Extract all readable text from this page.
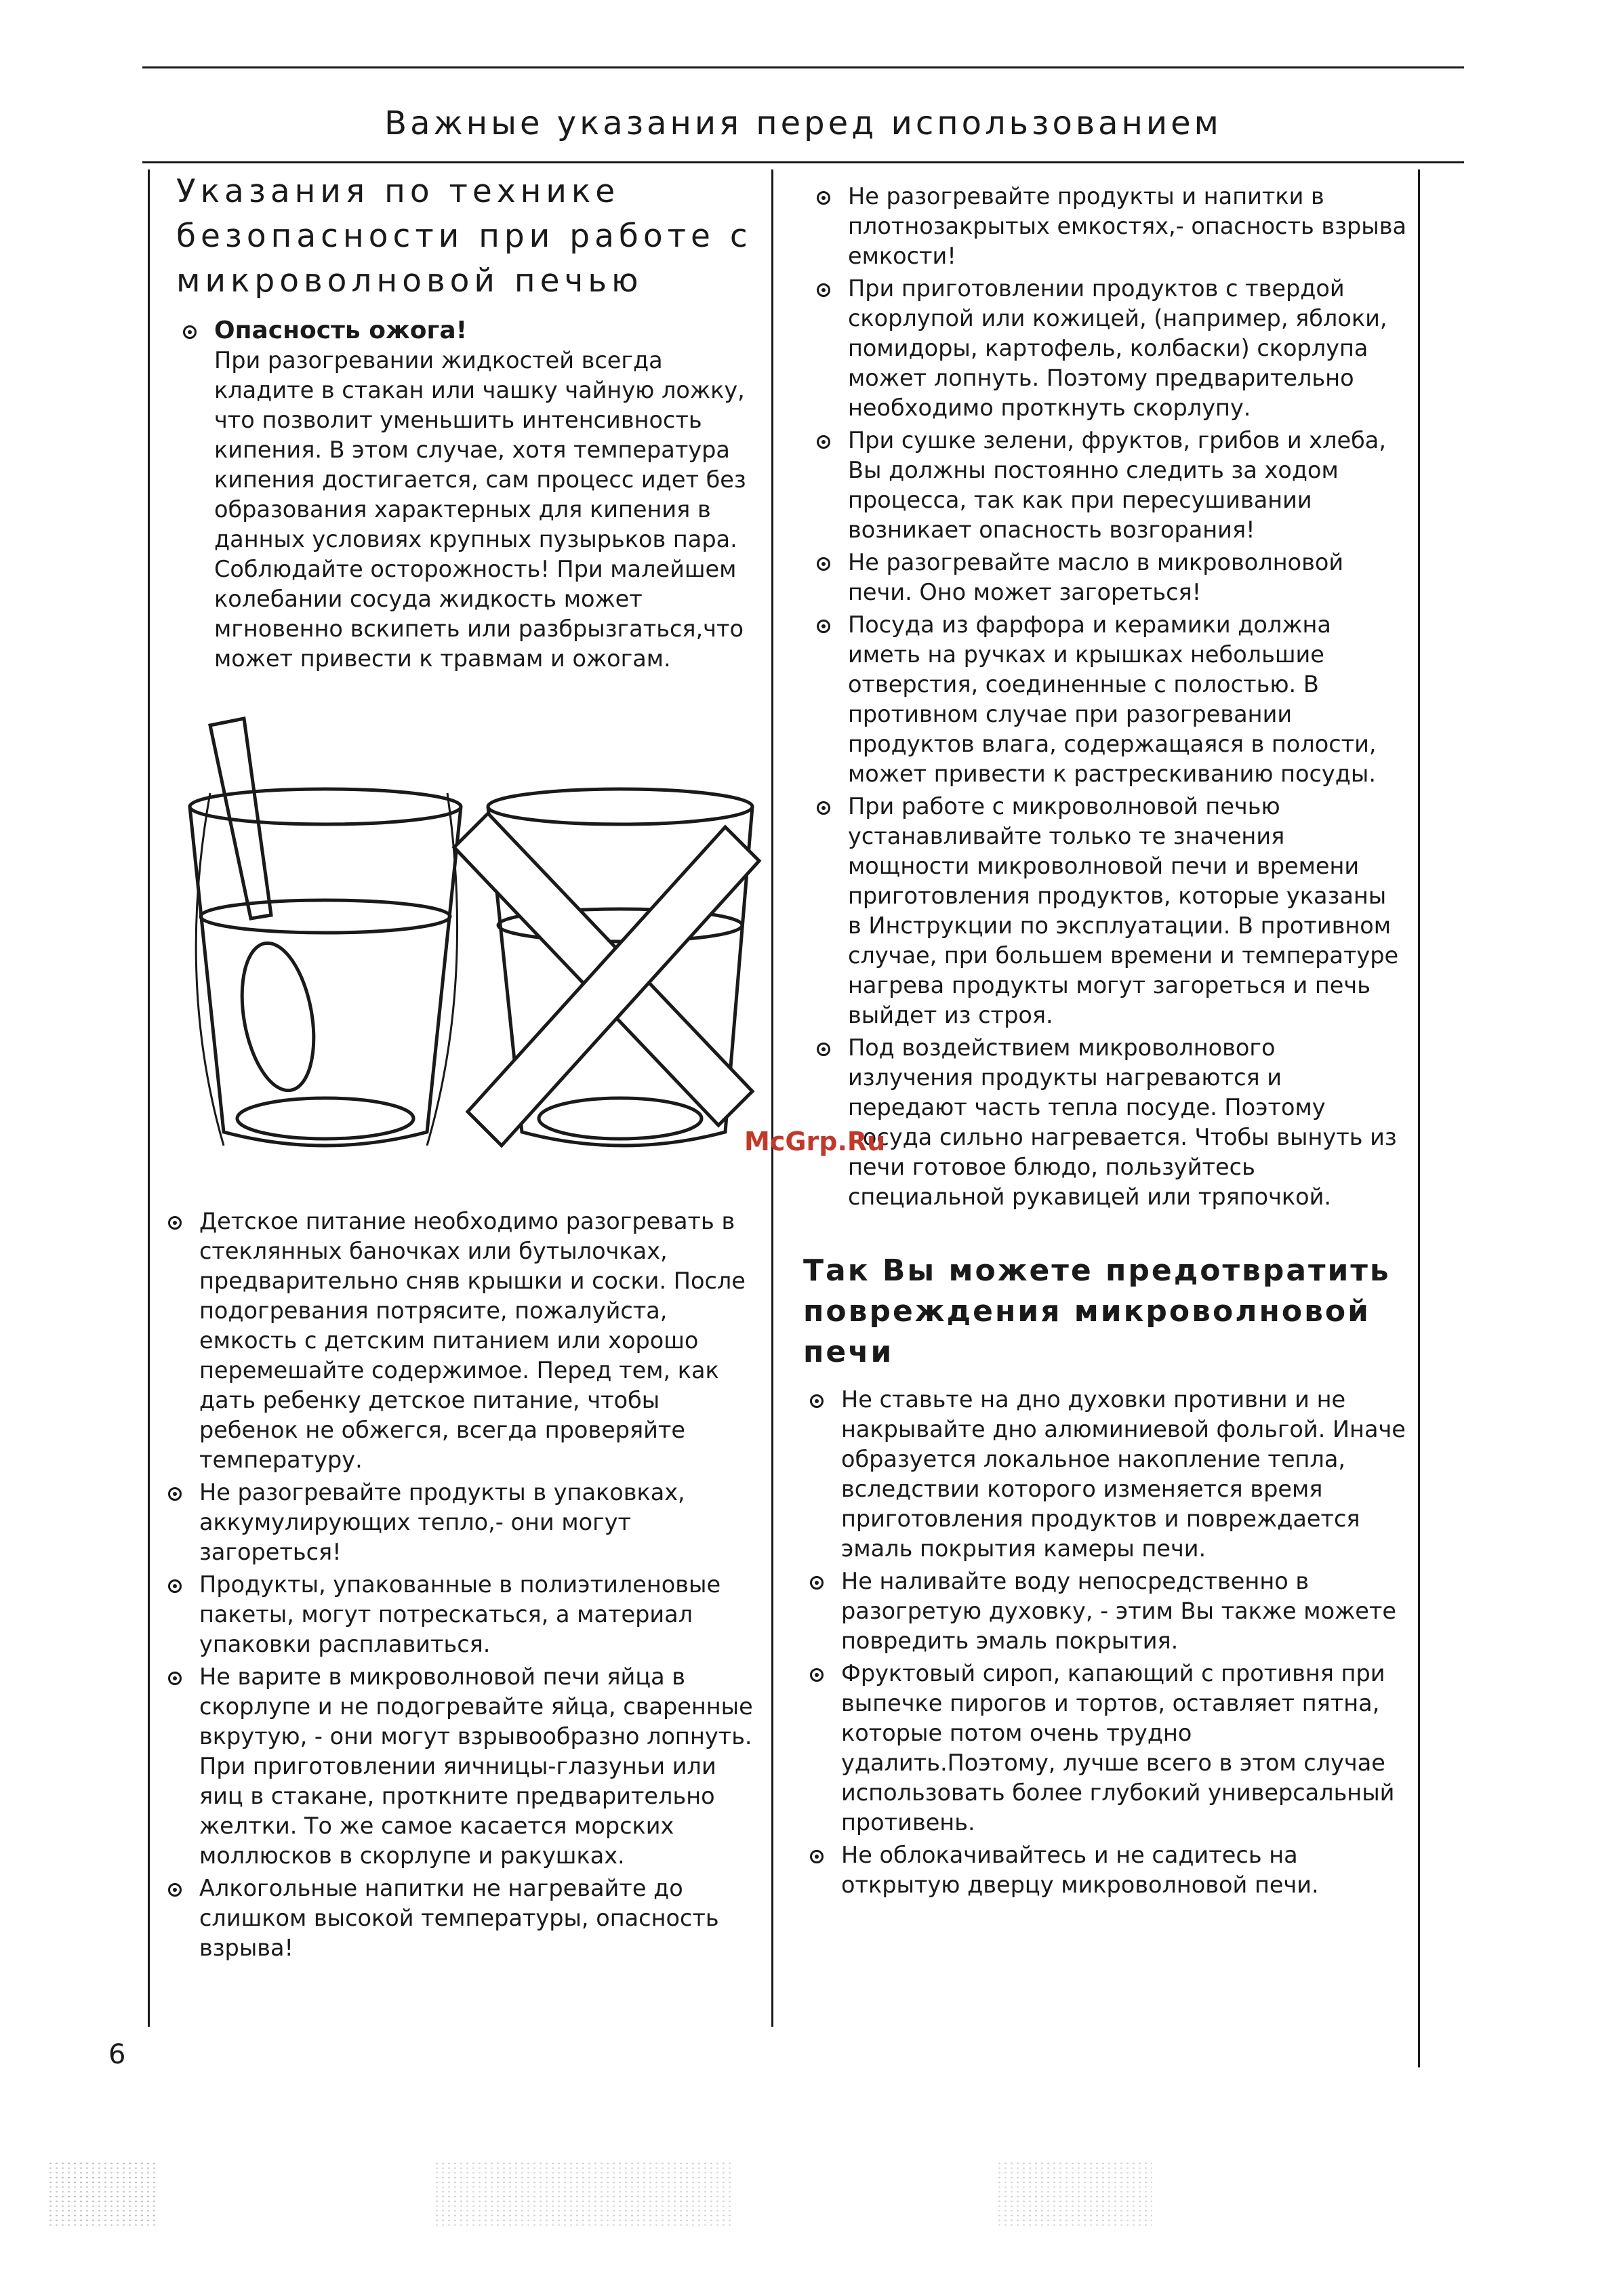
Важные указания перед использованием
Указания по технике безопасности при работе с микроволновой печью
Опасность ожога!

При разогревании жидкостей всегда кладите в стакан или чашку чайную ложку, что позволит уменьшить интенсивность кипения. В этом случае, хотя температура кипения достигается, сам процесс идет без образования характерных для кипения в данных условиях крупных пузырьков пара. Соблюдайте осторожность! При малейшем колебании сосуда жидкость может мгновенно вскипеть или разбрызгаться,что может привести к травмам и ожогам.

Детское питание необходимо разогревать в стеклянных баночках или бутылочках, предварительно сняв крышки и соски. После подогревания потрясите, пожалуйста, емкость с детским питанием или хорошо перемешайте содержимое. Перед тем, как дать ребенку детское питание, чтобы ребенок не обжегся, всегда проверяйте температуру.

Не разогревайте продукты в упаковках, аккумулирующих тепло,- они могут загореться!

Продукты, упакованные в полиэтиленовые пакеты, могут потрескаться, а материал упаковки расплавиться.

Не варите в микроволновой печи яйца в скорлупе и не подогревайте яйца, сваренные вкрутую, - они могут взрывообразно лопнуть. При приготовлении яичницы-глазуньи или яиц в стакане, проткните предварительно желтки. То же самое касается морских моллюсков в скорлупе и ракушках.

Алкогольные напитки не нагревайте до слишком высокой температуры, опасность взрыва!

Не разогревайте продукты и напитки в плотнозакрытых емкостях,- опасность взрыва емкости!

При приготовлении продуктов с твердой скорлупой или кожицей, (например, яблоки, помидоры, картофель, колбаски) скорлупа может лопнуть. Поэтому предварительно необходимо проткнуть скорлупу.

При сушке зелени, фруктов, грибов и хлеба, Вы должны постоянно следить за ходом процесса, так как при пересушивании возникает опасность возгорания!

Не разогревайте масло в микроволновой печи. Оно может загореться!

Посуда из фарфора и керамики должна иметь на ручках и крышках небольшие отверстия, соединенные с полостью. В противном случае при разогревании продуктов влага, содержащаяся в полости, может привести к растрескиванию посуды.

При работе с микроволновой печью устанавливайте только те значения мощности микроволновой печи и времени приготовления продуктов, которые указаны в Инструкции по эксплуатации. В противном случае, при большем времени и температуре нагрева продукты могут загореться и печь выйдет из строя.

Под воздействием микроволнового излучения продукты нагреваются и передают часть тепла посуде. Поэтому посуда сильно нагревается. Чтобы вынуть из печи готовое блюдо, пользуйтесь специальной рукавицей или тряпочкой.

Так Вы можете предотвратить повреждения микроволновой печи

Не ставьте на дно духовки противни и не накрывайте дно алюминиевой фольгой. Иначе образуется локальное накопление тепла, вследствии которого изменяется время приготовления продуктов и повреждается эмаль покрытия камеры печи.

Не наливайте воду непосредственно в разогретую духовку, - этим Вы также можете повредить эмаль покрытия.

Фруктовый сироп, капающий с противня при выпечке пирогов и тортов, оставляет пятна, которые потом очень трудно удалить.Поэтому, лучше всего в этом случае использовать более глубокий универсальный противень.

Не облокачивайтесь и не садитесь на открытую дверцу микроволновой печи.

McGrp.Ru
6
